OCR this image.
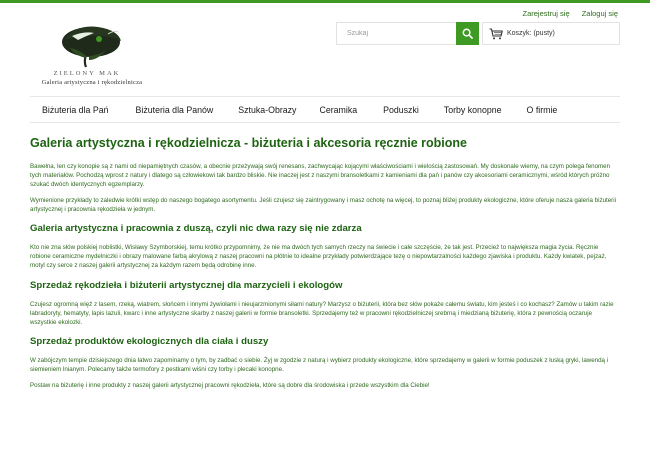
Zarejestruj się Zaloguj się
ZIELONY MAK
Galeria artystyczna i rękodzielnicza
Szukaj
Koszyk: (pusty)
Biżuteria dla Pań	Biżuteria dla Panów	Sztuka-Obrazy	Ceramika	Poduszki	Torby konopne	O firmie
Galeria artystyczna i rękodzielnicza - biżuteria i akcesoria ręcznie robione

Bawełna, len czy konopie są z nami od niepamiętnych czasów, a obecnie przeżywają swój renesans, zachwycając kojącymi właściwościami i wielością zastosowań. My doskonale wiemy, na czym polega fenomen tych materiałów. Pochodzą wprost z natury i dlatego są człowiekowi tak bardzo bliskie. Nie inaczej jest z naszymi bransoletkami z kamieniami dla pań i panów czy akcesoriami ceramicznymi, wśród których próżno szukać dwóch identycznych egzemplarzy.

Wymienione przykłady to zaledwie krótki wstęp do naszego bogatego asortymentu. Jeśli czujesz się zaintrygowany i masz ochotę na więcej, to poznaj bliżej produkty ekologiczne, które oferuje nasza galeria biżuterii artystycznej i pracownia rękodzieła w jednym.

Galeria artystyczna i pracownia z duszą, czyli nic dwa razy się nie zdarza

Kto nie zna słów polskiej noblistki, Wisławy Szymborskiej, temu krótko przypomnimy, że nie ma dwóch tych samych rzeczy na świecie i całe szczęście, że tak jest. Przecież to największa magia życia. Ręcznie robione ceramiczne mydelniczki i obrazy malowane farbą akrylową z naszej pracowni na płótnie to idealne przykłady potwierdzające tezę o niepowtarzalności każdego zjawiska i produktu. Każdy kwiatek, pejzaż, motyl czy serce z naszej galerii artystycznej za każdym razem będą odrobinę inne.

Sprzedaż rękodzieła i biżuterii artystycznej dla marzycieli i ekologów

Czujesz ogromną więź z lasem, rzeką, wiatrem, słońcem i innymi żywiołami i nieujarzmionymi siłami natury? Marzysz o biżuterii, która bez słów pokaże całemu światu, kim jesteś i co kochasz? Zamów u takim razie labradoryty, hematyty, lapis lazuli, kwarc i inne artystyczne skarby z naszej galerii w formie bransoletki. Sprzedajemy też w pracowni rękodzielniczej srebrną i miedzianą biżuterię, która z pewnością oczaruje wszystkie ekolozki.

Sprzedaż produktów ekologicznych dla ciała i duszy

W zabójczym tempie dzisiejszego dnia łatwo zapominamy o tym, by zadbać o siebie. Żyj w zgodzie z naturą i wybierz produkty ekologiczne, które sprzedajemy w galerii w formie poduszek z łuską gryki, lawendą i siemieniem lnianym. Polecamy także termofory z pestkami wiśni czy torby i plecaki konopne.

Postaw na biżuterię i inne produkty z naszej galerii artystycznej pracowni rękodzieła, które są dobre dla środowiska i przede wszystkim dla Ciebie!
